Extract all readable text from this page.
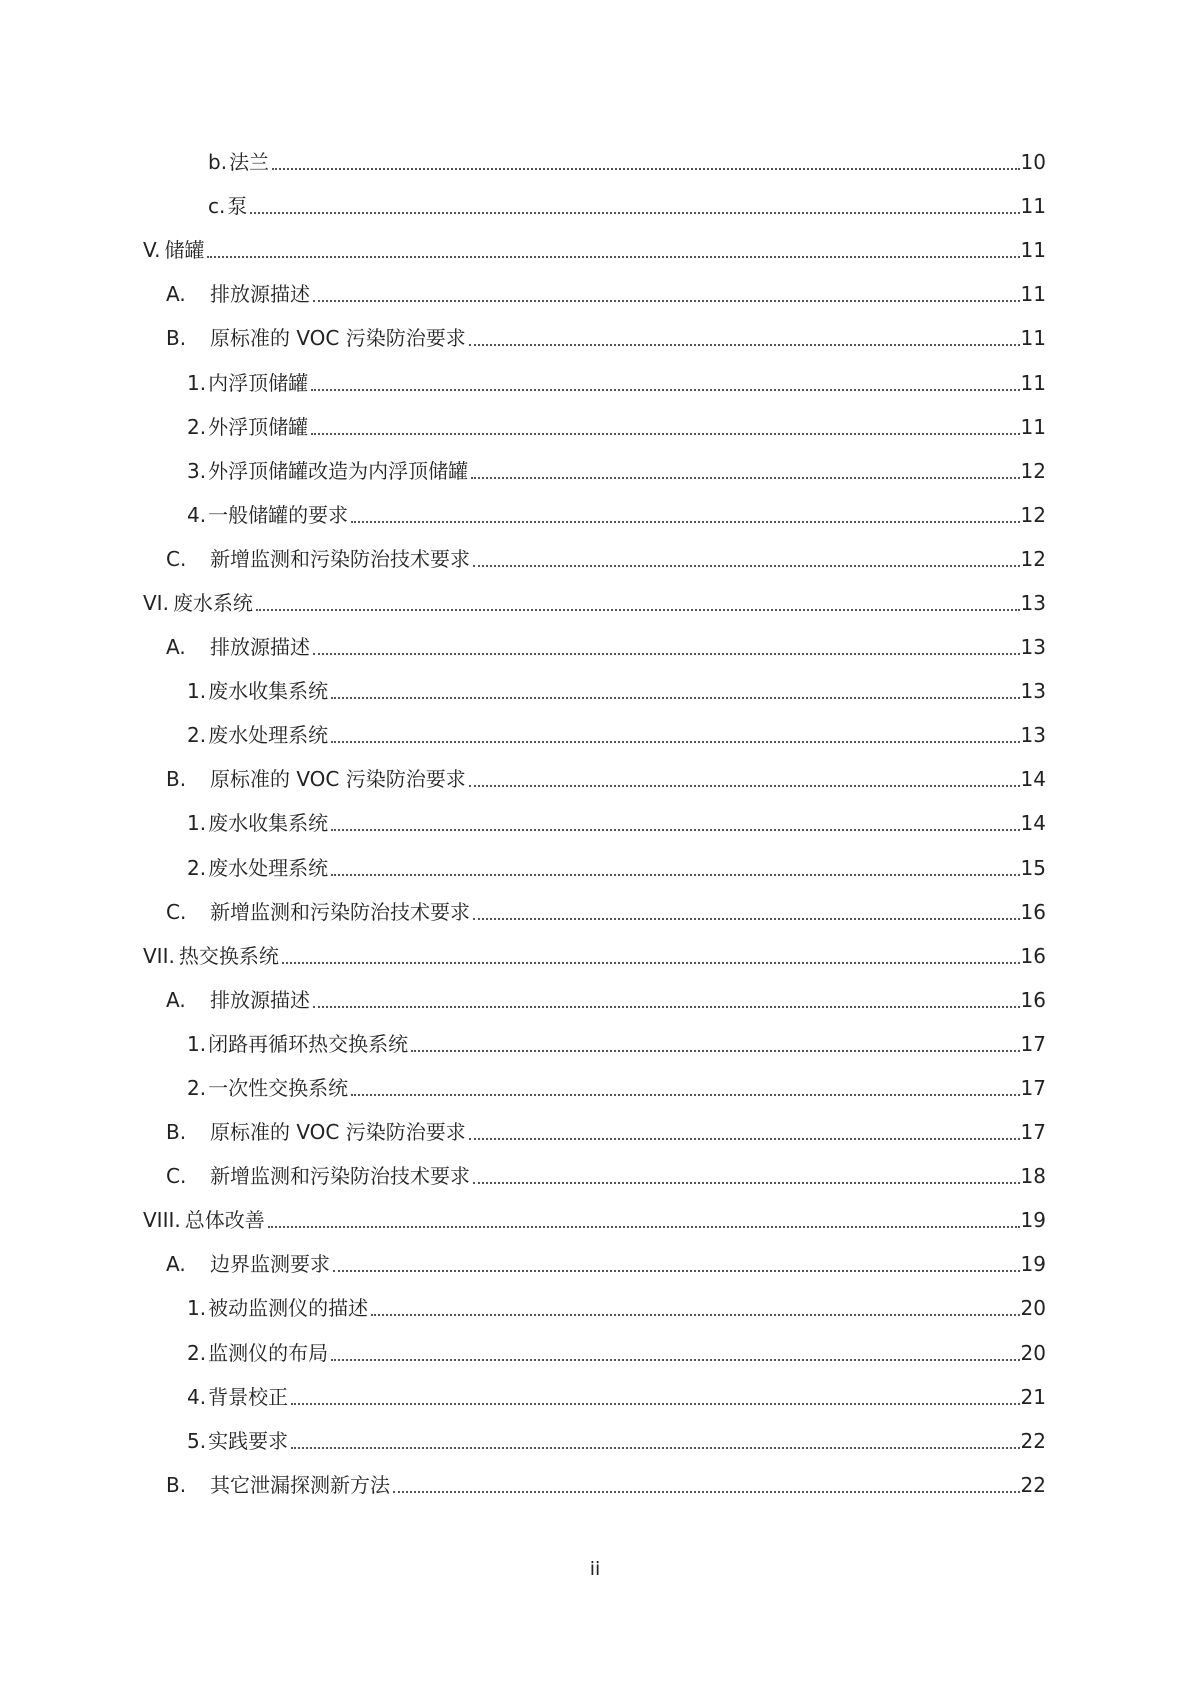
b. 法兰	10
c. 泵	11
V. 储罐	11
A.	排放源描述	11
B.	原标准的 VOC 污染防治要求	11
1. 内浮顶储罐	11
2. 外浮顶储罐	11
3. 外浮顶储罐改造为内浮顶储罐	12
4. 一般储罐的要求	12
C.	新增监测和污染防治技术要求	12
VI. 废水系统	13
A.	排放源描述	13
1. 废水收集系统	13
2. 废水处理系统	13
B.	原标准的 VOC 污染防治要求	14
1. 废水收集系统	14
2. 废水处理系统	15
C.	新增监测和污染防治技术要求	16
VII. 热交换系统	16
A.	排放源描述	16
1. 闭路再循环热交换系统	17
2. 一次性交换系统	17
B.	原标准的 VOC 污染防治要求	17
C.	新增监测和污染防治技术要求	18
VIII. 总体改善	19
A.	边界监测要求	19
1. 被动监测仪的描述	20
2. 监测仪的布局	20
4. 背景校正	21
5. 实践要求	22
B.	其它泄漏探测新方法	22
ii
